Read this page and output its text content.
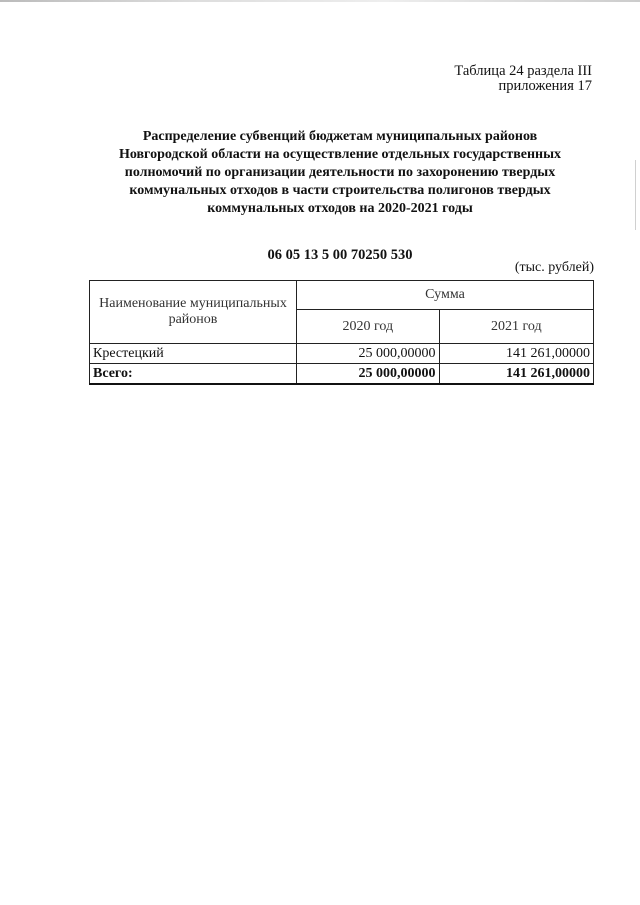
Таблица 24 раздела III
приложения 17
Распределение субвенций бюджетам муниципальных районов
Новгородской области на осуществление отдельных государственных
полномочий по организации деятельности по захоронению твердых
коммунальных отходов в части строительства полигонов твердых
коммунальных отходов на 2020-2021 годы
06 05 13 5 00 70250 530
(тыс. рублей)
Наименование муниципальных районов	Сумма	
	2020 год	2021 год
Крестецкий	25 000,00000	141 261,00000
Всего:	25 000,00000	141 261,00000
